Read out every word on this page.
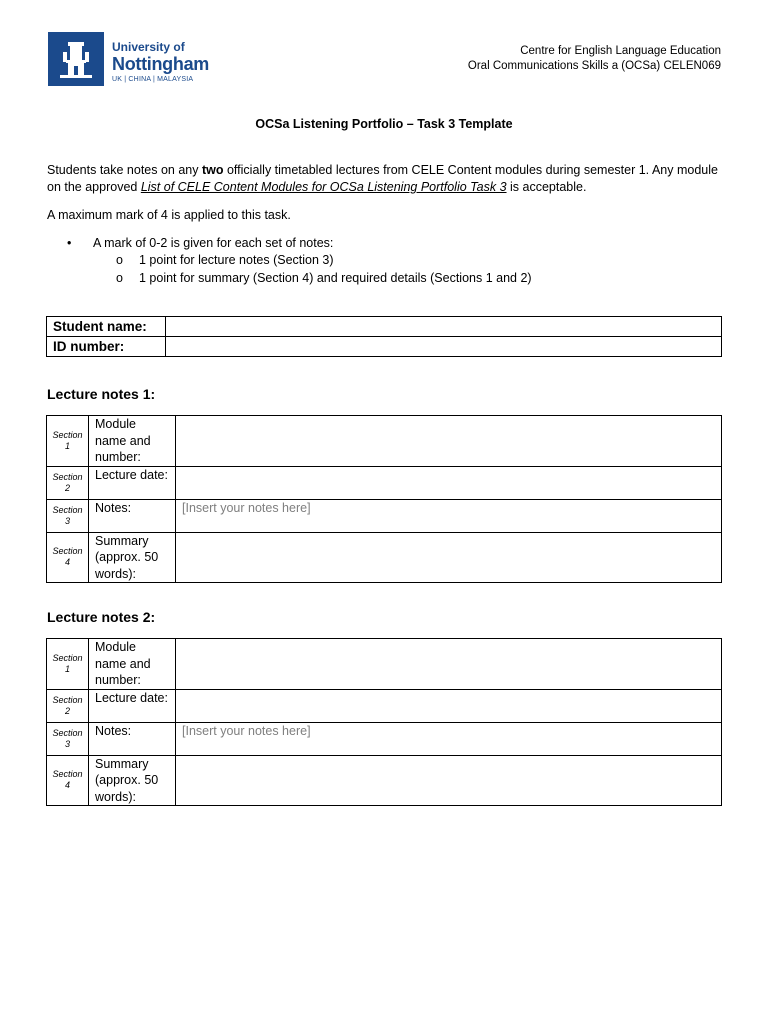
University of
Nottingham
UK | CHINA | MALAYSIA
Centre for English Language Education
Oral Communications Skills a (OCSa) CELEN069
OCSa Listening Portfolio – Task 3 Template
Students take notes on any two officially timetabled lectures from CELE Content modules during semester 1. Any module on the approved List of CELE Content Modules for OCSa Listening Portfolio Task 3 is acceptable.
A maximum mark of 4 is applied to this task.
•	A mark of 0-2 is given for each set of notes:
o 1 point for lecture notes (Section 3)
o 1 point for summary (Section 4) and required details (Sections 1 and 2)
Student name:	
ID number:	
Lecture notes 1:
Section 1	Module name and number:	
Section 2	Lecture date:	
Section 3	Notes:	[Insert your notes here]
Section 4	Summary (approx. 50 words):	
Lecture notes 2:
Section 1	Module name and number:	
Section 2	Lecture date:	
Section 3	Notes:	[Insert your notes here]
Section 4	Summary (approx. 50 words):	
